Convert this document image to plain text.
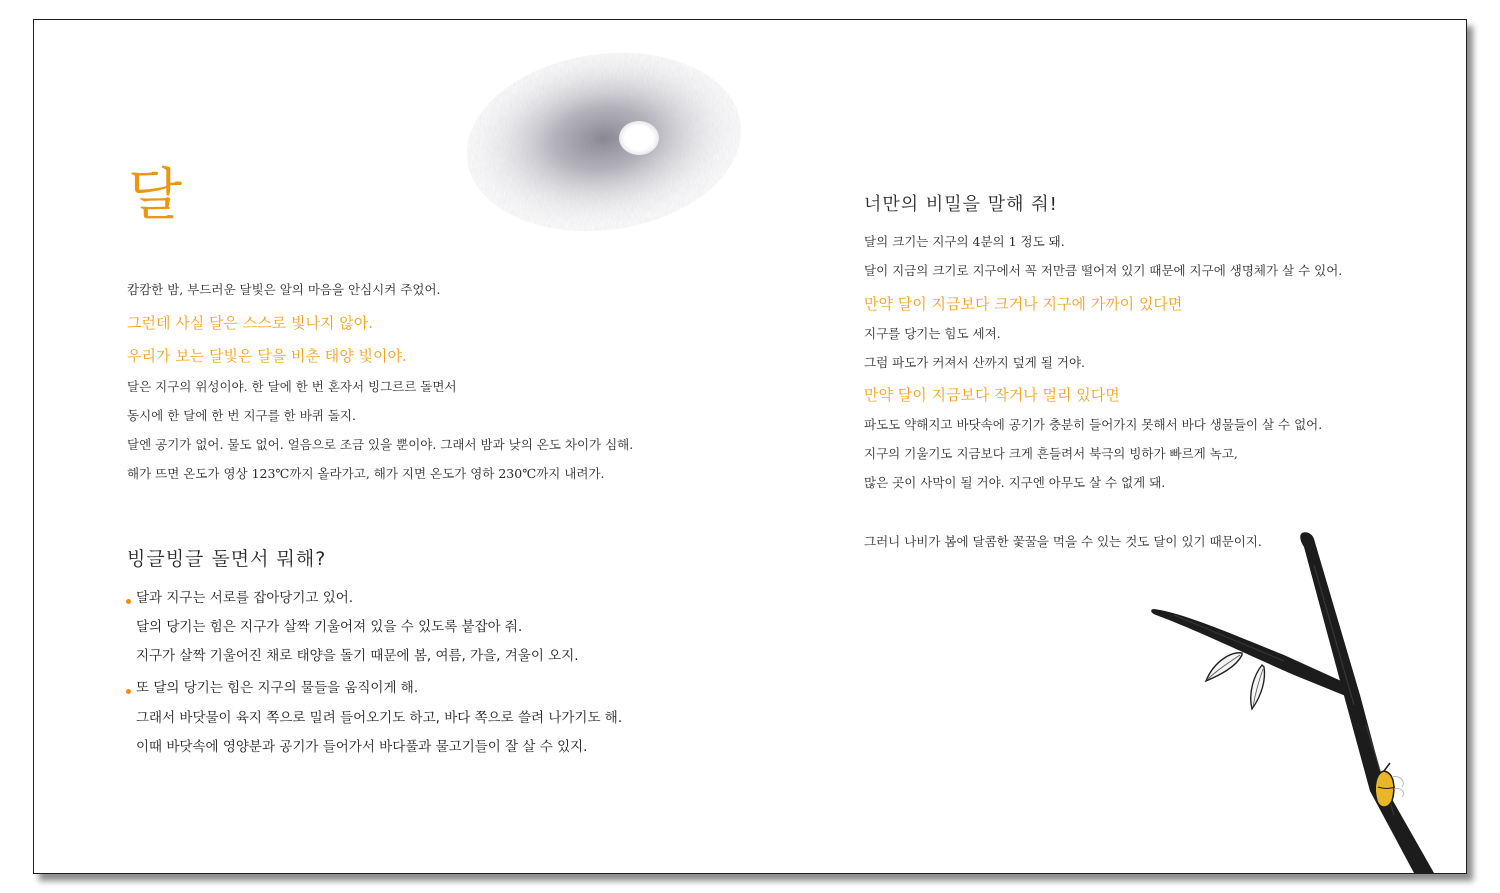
달
캄캄한 밤, 부드러운 달빛은 알의 마음을 안심시켜 주었어.
그런데 사실 달은 스스로 빛나지 않아.
우리가 보는 달빛은 달을 비춘 태양 빛이야.
달은 지구의 위성이야. 한 달에 한 번 혼자서 빙그르르 돌면서
동시에 한 달에 한 번 지구를 한 바퀴 돌지.
달엔 공기가 없어. 물도 없어. 얼음으로 조금 있을 뿐이야. 그래서 밤과 낮의 온도 차이가 심해.
해가 뜨면 온도가 영상 123℃까지 올라가고, 해가 지면 온도가 영하 230℃까지 내려가.
빙글빙글 돌면서 뭐해?
달과 지구는 서로를 잡아당기고 있어.
달의 당기는 힘은 지구가 살짝 기울어져 있을 수 있도록 붙잡아 줘.
지구가 살짝 기울어진 채로 태양을 돌기 때문에 봄, 여름, 가을, 겨울이 오지.
또 달의 당기는 힘은 지구의 물들을 움직이게 해.
그래서 바닷물이 육지 쪽으로 밀려 들어오기도 하고, 바다 쪽으로 쓸려 나가기도 해.
이때 바닷속에 영양분과 공기가 들어가서 바다풀과 물고기들이 잘 살 수 있지.
너만의 비밀을 말해 줘!
달의 크기는 지구의 4분의 1 정도 돼.
달이 지금의 크기로 지구에서 꼭 저만큼 떨어져 있기 때문에 지구에 생명체가 살 수 있어.
만약 달이 지금보다 크거나 지구에 가까이 있다면
지구를 당기는 힘도 세져.
그럼 파도가 커져서 산까지 덮게 될 거야.
만약 달이 지금보다 작거나 멀리 있다면
파도도 약해지고 바닷속에 공기가 충분히 들어가지 못해서 바다 생물들이 살 수 없어.
지구의 기울기도 지금보다 크게 흔들려서 북극의 빙하가 빠르게 녹고,
많은 곳이 사막이 될 거야. 지구엔 아무도 살 수 없게 돼.
그러니 나비가 봄에 달콤한 꽃꿀을 먹을 수 있는 것도 달이 있기 때문이지.
